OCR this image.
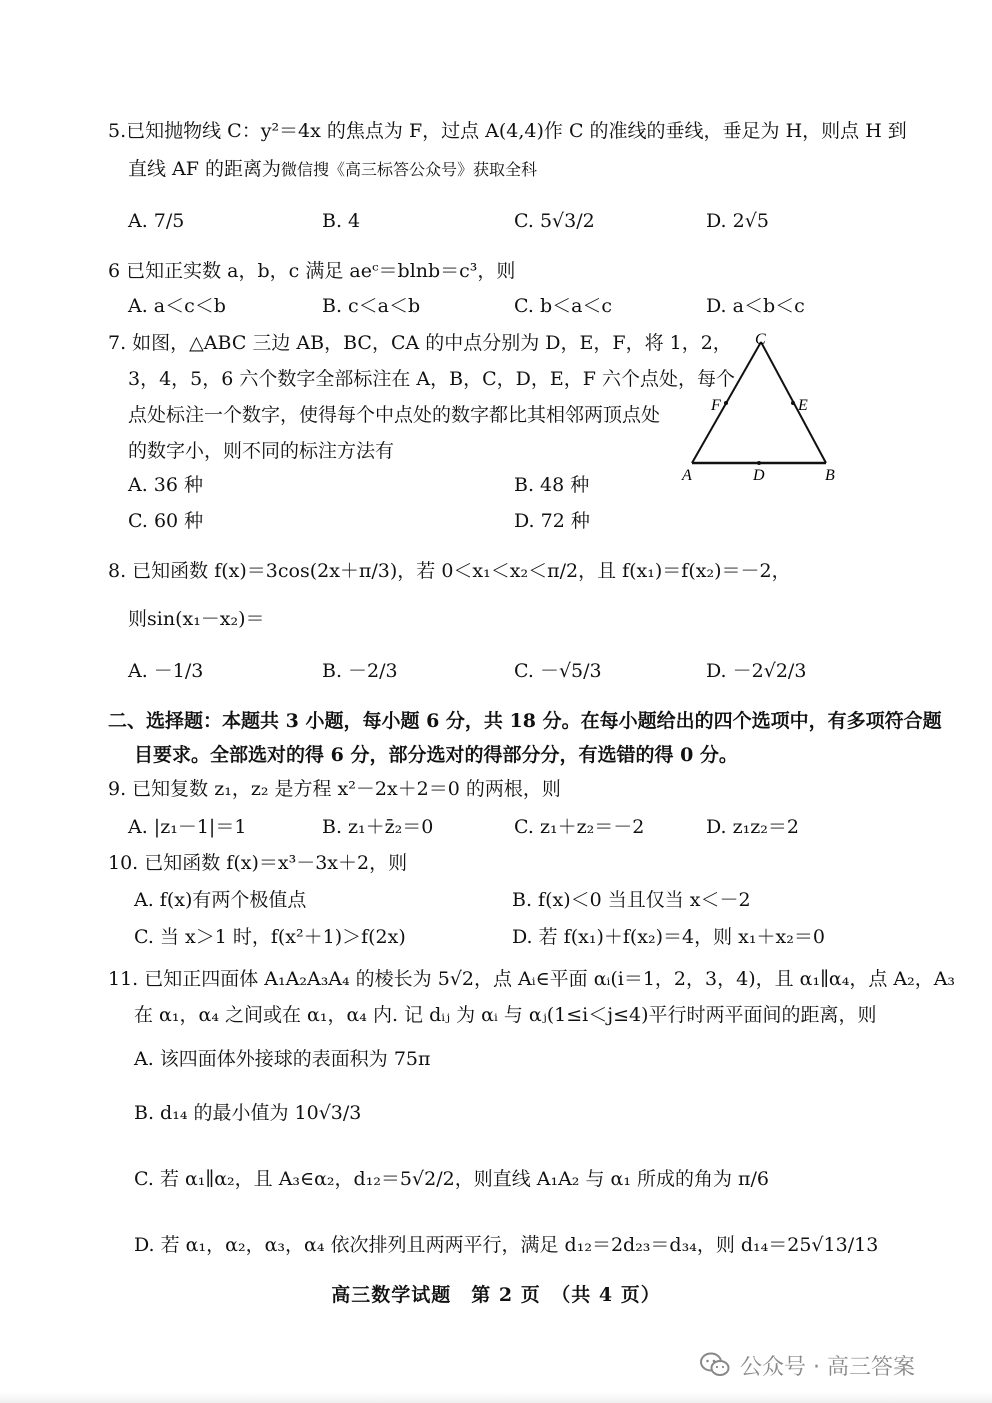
5.已知抛物线 C：y²＝4x 的焦点为 F，过点 A(4,4)作 C 的准线的垂线，垂足为 H，则点 H 到
直线 AF 的距离为微信搜《高三标答公众号》获取全科
A. 7/5	B. 4	C. 5√3/2	D. 2√5
6 已知正实数 a，b，c 满足 aeᶜ＝blnb＝c³，则
A. a＜c＜b	B. c＜a＜b	C. b＜a＜c	D. a＜b＜c
7. 如图，△ABC 三边 AB，BC，CA 的中点分别为 D，E，F，将 1，2，
3，4，5，6 六个数字全部标注在 A，B，C，D，E，F 六个点处，每个
点处标注一个数字，使得每个中点处的数字都比其相邻两顶点处
的数字小，则不同的标注方法有
A. 36 种	B. 48 种
C. 60 种	D. 72 种
C
F	E
A	D	B
8. 已知函数 f(x)＝3cos(2x＋π/3)，若 0＜x₁＜x₂＜π/2，且 f(x₁)＝f(x₂)＝－2，
则sin(x₁－x₂)＝
A. －1/3	B. －2/3	C. －√5/3	D. －2√2/3
二、选择题：本题共 3 小题，每小题 6 分，共 18 分。在每小题给出的四个选项中，有多项符合题
目要求。全部选对的得 6 分，部分选对的得部分分，有选错的得 0 分。
9. 已知复数 z₁，z₂ 是方程 x²－2x＋2＝0 的两根，则
A. |z₁－1|＝1	B. z₁＋z̄₂＝0	C. z₁＋z₂＝－2	D. z₁z₂＝2
10. 已知函数 f(x)＝x³－3x＋2，则
A. f(x)有两个极值点	B. f(x)＜0 当且仅当 x＜－2
C. 当 x＞1 时，f(x²＋1)＞f(2x)	D. 若 f(x₁)＋f(x₂)＝4，则 x₁＋x₂＝0
11. 已知正四面体 A₁A₂A₃A₄ 的棱长为 5√2，点 Aᵢ∈平面 αᵢ(i＝1，2，3，4)，且 α₁∥α₄，点 A₂，A₃
在 α₁，α₄ 之间或在 α₁，α₄ 内. 记 dᵢⱼ 为 αᵢ 与 αⱼ(1≤i＜j≤4)平行时两平面间的距离，则
A. 该四面体外接球的表面积为 75π
B. d₁₄ 的最小值为 10√3/3
C. 若 α₁∥α₂，且 A₃∈α₂，d₁₂＝5√2/2，则直线 A₁A₂ 与 α₁ 所成的角为 π/6
D. 若 α₁，α₂，α₃，α₄ 依次排列且两两平行，满足 d₁₂＝2d₂₃＝d₃₄，则 d₁₄＝25√13/13
高三数学试题　第 2 页　（共 4 页）
公众号 · 高三答案
